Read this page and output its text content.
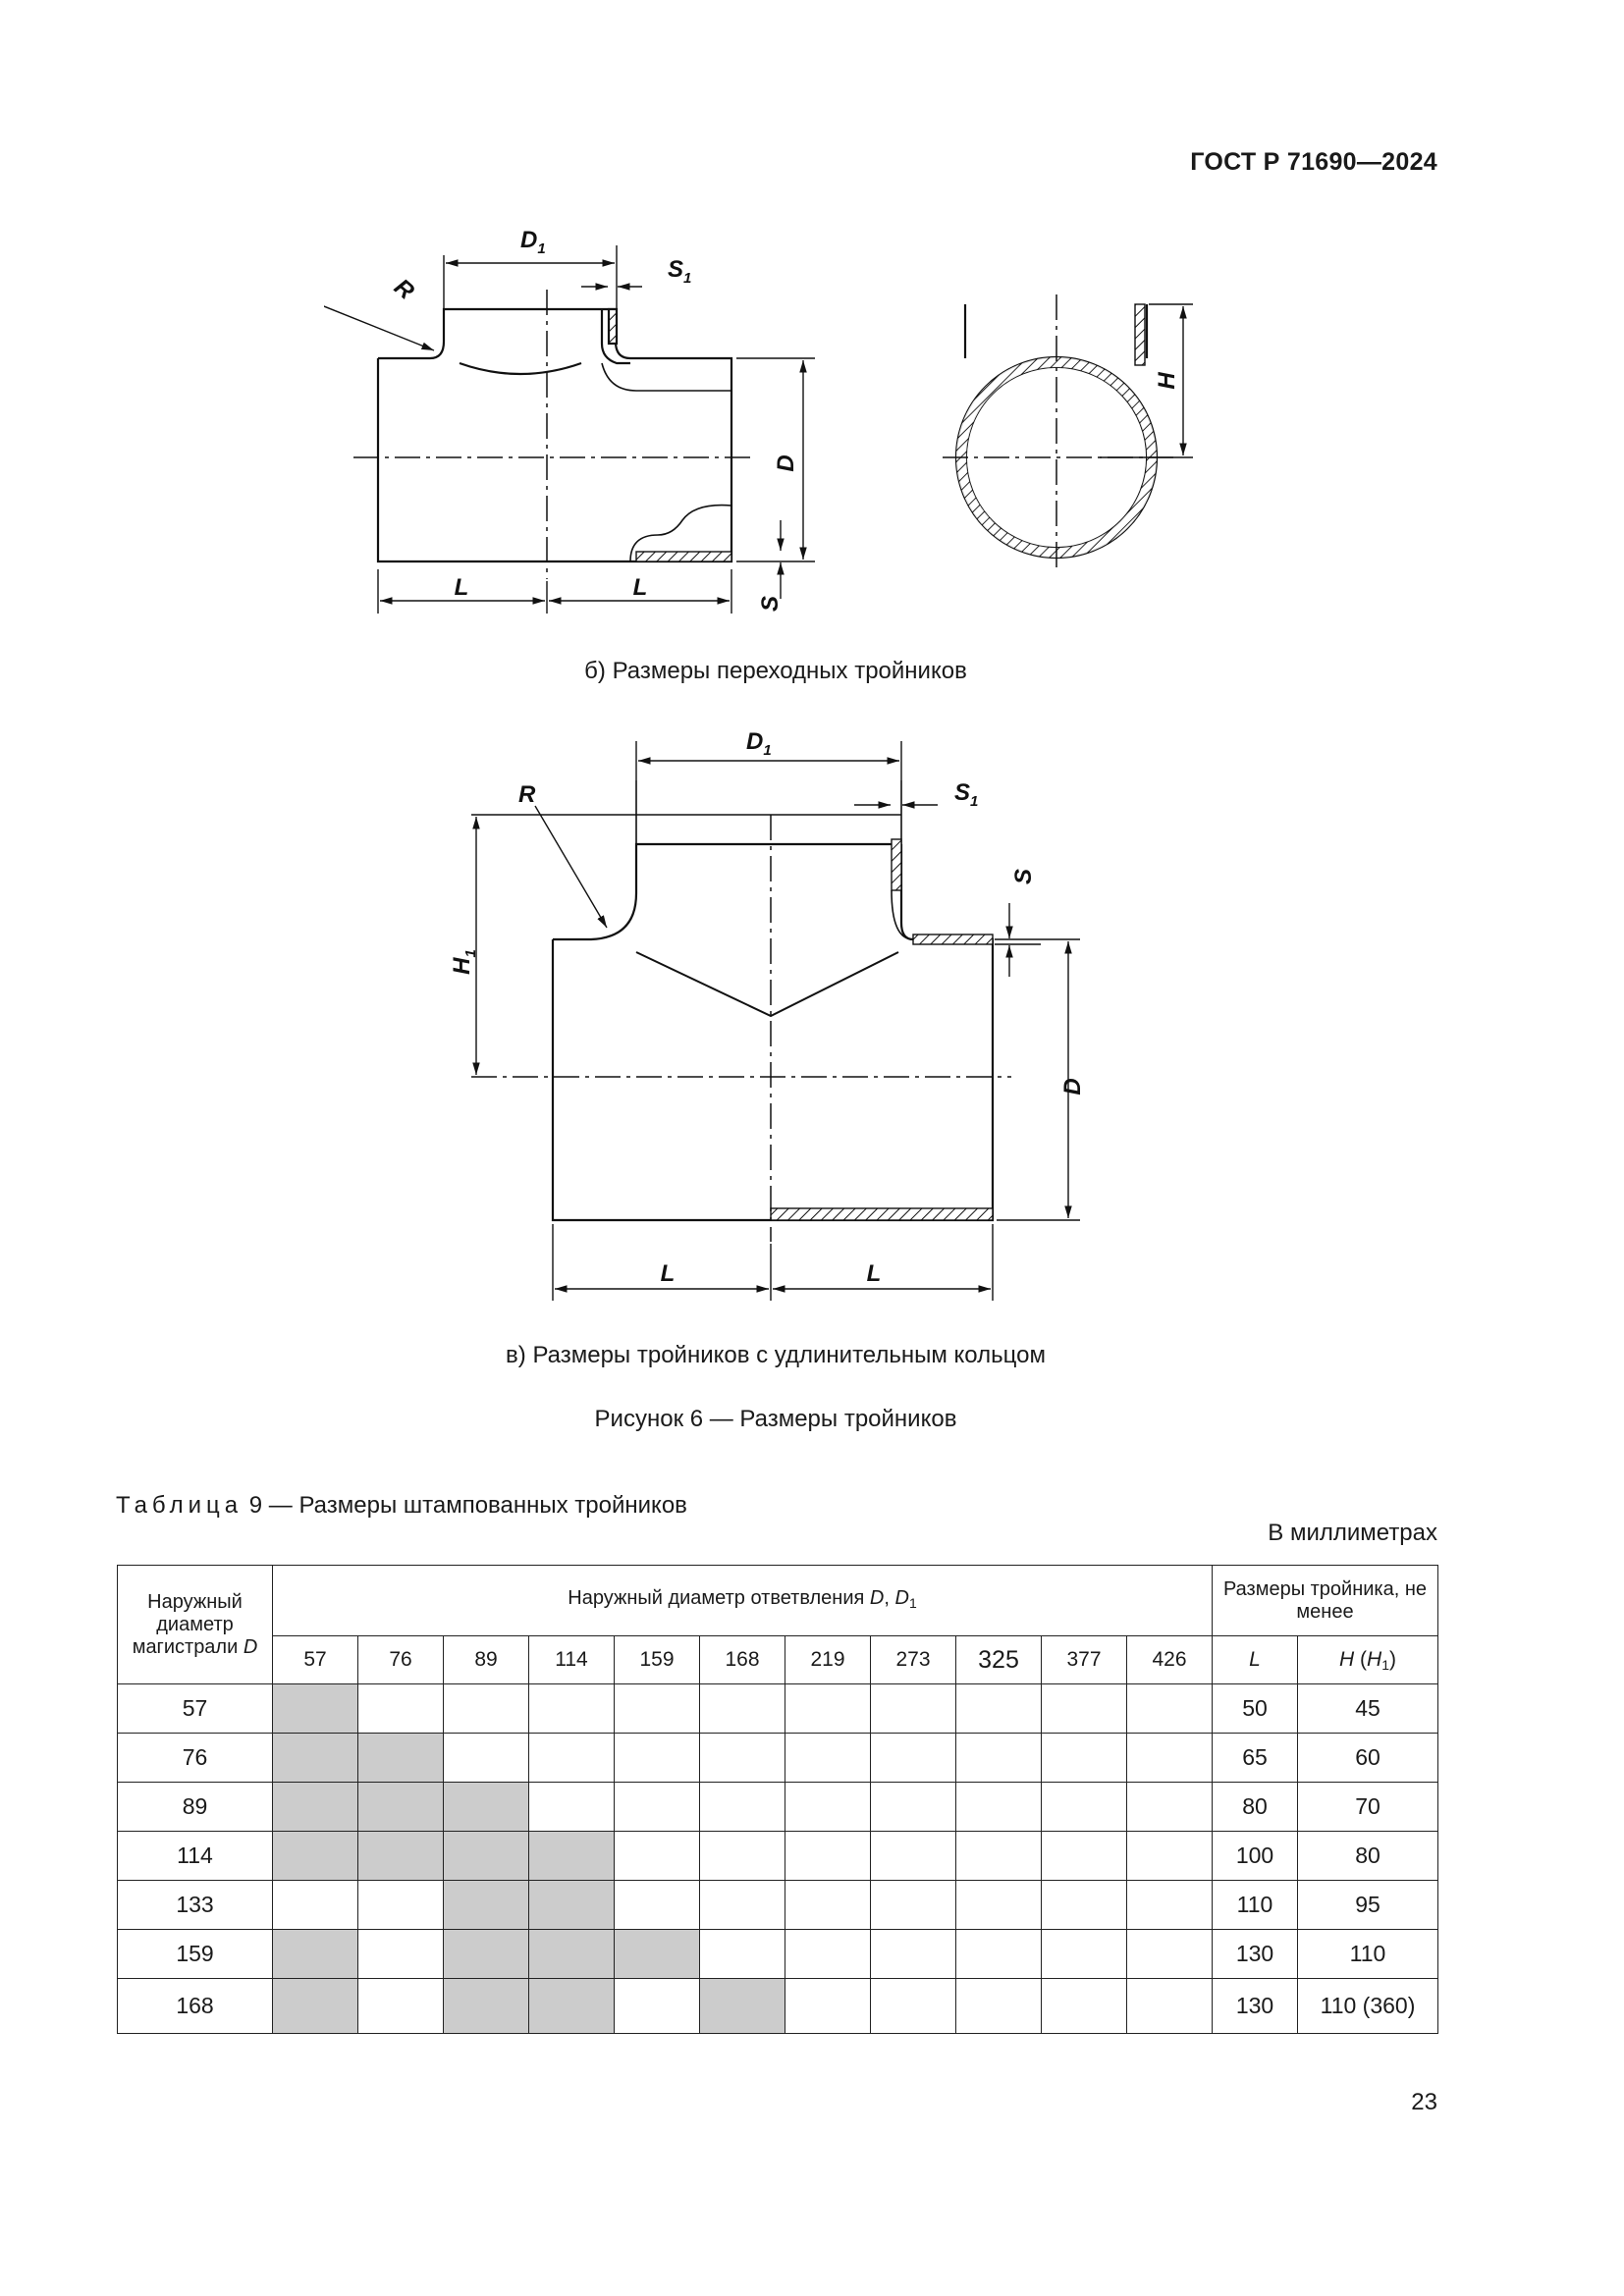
ГОСТ Р 71690—2024
$D_1$
$S_1$
R
D
S
L	L
H
б) Размеры переходных тройников
$D_1$
$S_1$
R
$H_1$
S
D
L	L
в) Размеры тройников с удлинительным кольцом
Рисунок 6 — Размеры тройников
Таблица 9 — Размеры штампованных тройников
В миллиметрах
Наружный диаметр магистрали D	Наружный диаметр ответвления D, $D_1$											Размеры тройника, не менее	
	57	76	89	114	159	168	219	273	325	377	426	L	H $(H_1)$
57												50	45
76												65	60
89												80	70
114												100	80
133												110	95
159												130	110
168												130	110 (360)
23
